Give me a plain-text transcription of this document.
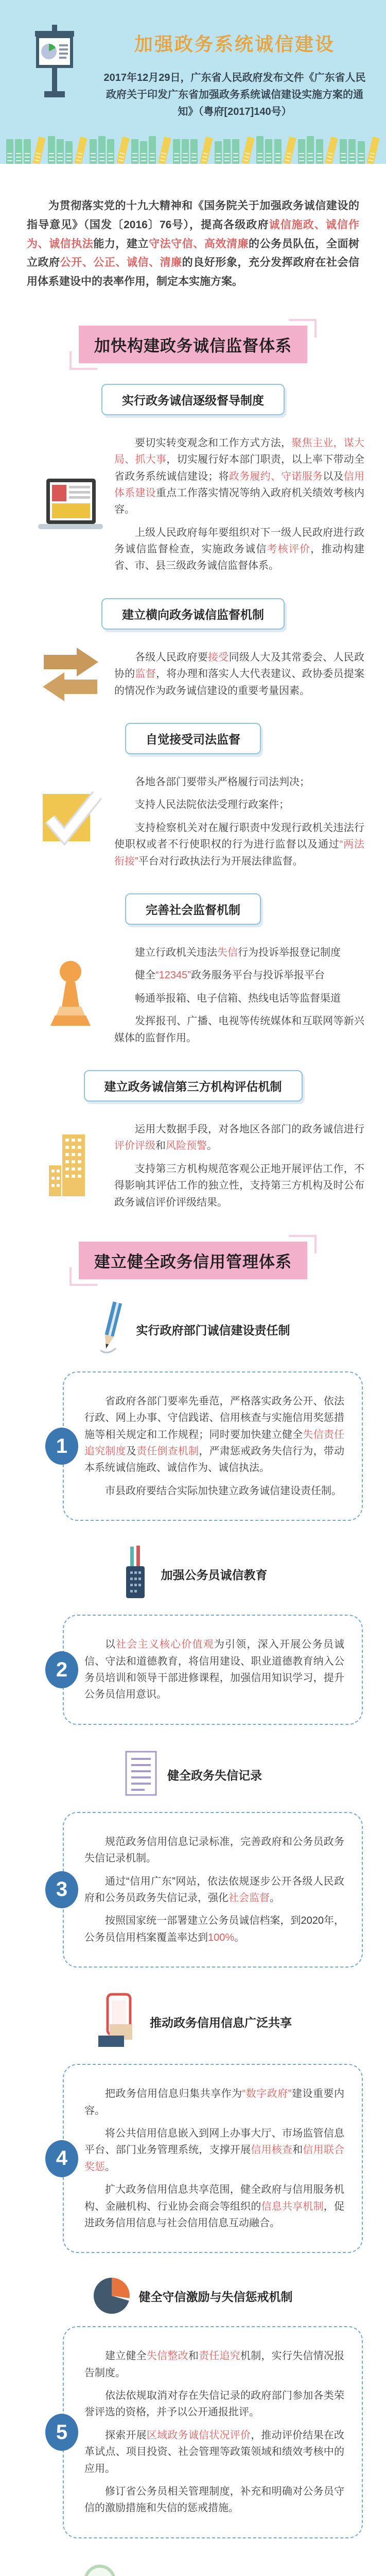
加强政务系统诚信建设
2017年12月29日，广东省人民政府发布文件《广东省人民政府关于印发广东省加强政务系统诚信建设实施方案的通知》（粤府[2017]140号）

为贯彻落实党的十九大精神和《国务院关于加强政务诚信建设的指导意见》（国发〔2016〕76号），提高各级政府诚信施政、诚信作为、诚信执法能力，建立守法守信、高效清廉的公务员队伍，全面树立政府公开、公正、诚信、清廉的良好形象，充分发挥政府在社会信用体系建设中的表率作用，制定本实施方案。

加快构建政务诚信监督体系
实行政务诚信逐级督导制度

要切实转变观念和工作方式方法，聚焦主业，谋大局、抓大事，切实履行好本部门职责，以上率下带动全省政务系统诚信建设；将政务履约、守诺服务以及信用体系建设重点工作落实情况等纳入政府机关绩效考核内容。

上级人民政府每年要组织对下一级人民政府进行政务诚信监督检查，实施政务诚信考核评价，推动构建省、市、县三级政务诚信监督体系。

建立横向政务诚信监督机制

各级人民政府要接受同级人大及其常委会、人民政协的监督，将办理和落实人大代表建议、政协委员提案的情况作为政务诚信建设的重要考量因素。

自觉接受司法监督

各地各部门要带头严格履行司法判决；

支持人民法院依法受理行政案件；

支持检察机关对在履行职责中发现行政机关违法行使职权或者不行使职权的行为进行监督以及通过“两法衔接”平台对行政执法行为开展法律监督。

完善社会监督机制

建立行政机关违法失信行为投诉举报登记制度

健全“12345”政务服务平台与投诉举报平台

畅通举报箱、电子信箱、热线电话等监督渠道

发挥报刊、广播、电视等传统媒体和互联网等新兴媒体的监督作用。

建立政务诚信第三方机构评估机制

运用大数据手段，对各地区各部门的政务诚信进行评价评级和风险预警。

支持第三方机构规范客观公正地开展评估工作，不得影响其评估工作的独立性，支持第三方机构及时公布政务诚信评价评级结果。

建立健全政务信用管理体系
实行政府部门诚信建设责任制
1

省政府各部门要率先垂范，严格落实政务公开、依法行政、网上办事、守信践诺、信用核查与实施信用奖惩措施等相关规定和工作规程；同时要加快建立健全失信责任追究制度及责任倒查机制，严肃惩戒政务失信行为，带动本系统诚信施政、诚信作为、诚信执法。

市县政府要结合实际加快建立政务诚信建设责任制。

加强公务员诚信教育
2

以社会主义核心价值观为引领，深入开展公务员诚信、守法和道德教育，将信用建设、职业道德教育纳入公务员培训和领导干部进修课程，加强信用知识学习，提升公务员信用意识。

健全政务失信记录
3

规范政务信用信息记录标准，完善政府和公务员政务失信记录机制。

通过“信用广东”网站，依法依规逐步公开各级人民政府和公务员政务失信记录，强化社会监督。

按照国家统一部署建立公务员诚信档案，到2020年，公务员信用档案覆盖率达到100%。

推动政务信用信息广泛共享
4

把政务信用信息归集共享作为“数字政府”建设重要内容。

将公共信用信息嵌入到网上办事大厅、市场监管信息平台、部门业务管理系统，支撑开展信用核查和信用联合奖惩。

扩大政务信用信息共享范围，健全政府与信用服务机构、金融机构、行业协会商会等组织的信息共享机制，促进政务信用信息与社会信用信息互动融合。

健全守信激励与失信惩戒机制
5

建立健全失信整改和责任追究机制，实行失信情况报告制度。

依法依规取消对存在失信记录的政府部门参加各类荣誉评选的资格，并予以公开通报批评。

探索开展区域政务诚信状况评价，推动评价结果在改革试点、项目投资、社会管理等政策领域和绩效考核中的应用。

修订省公务员相关管理制度，补充和明确对公务员守信的激励措施和失信的惩戒措施。
